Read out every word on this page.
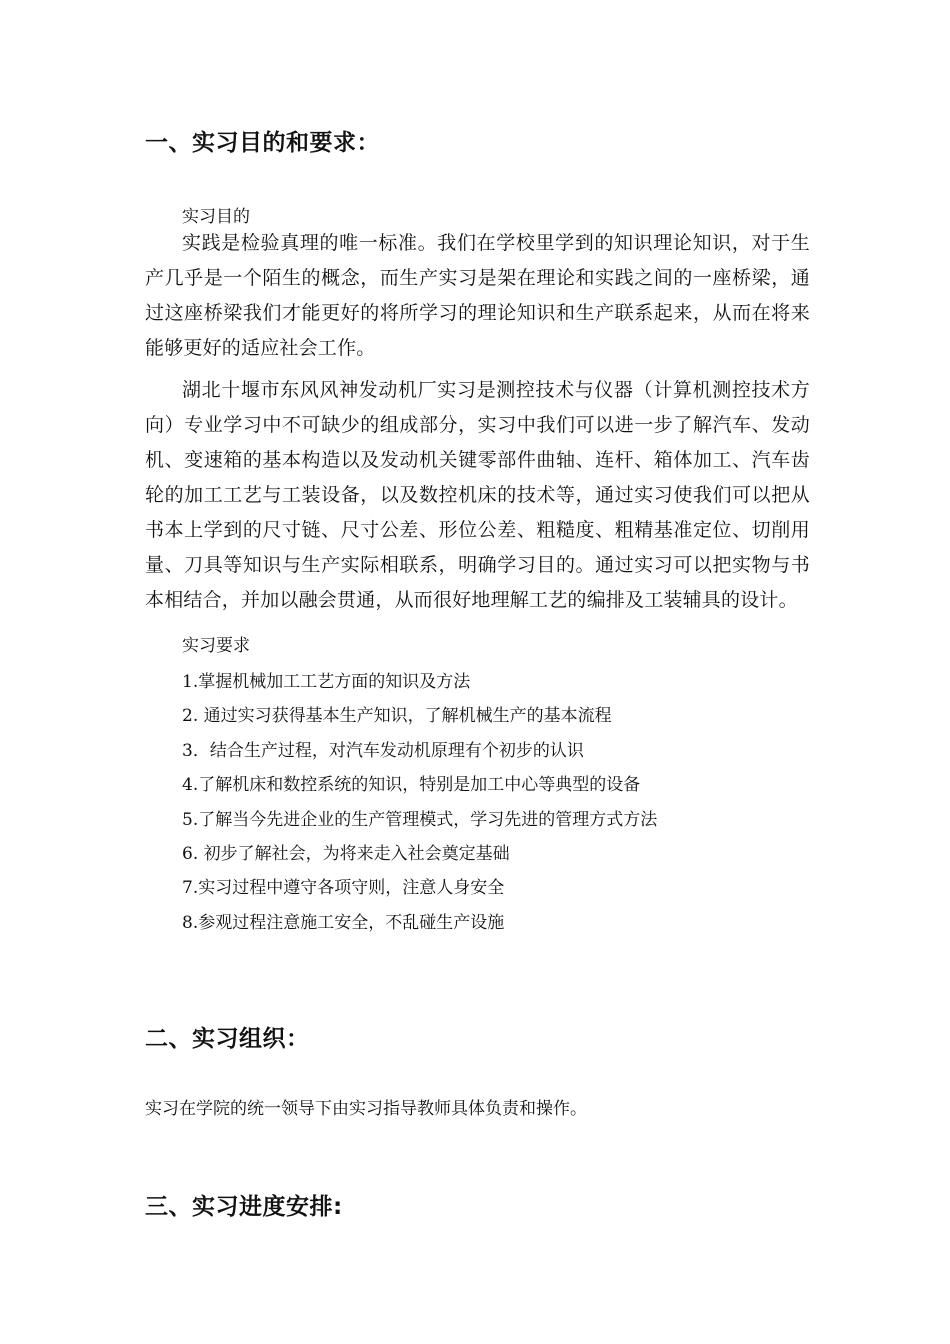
一、实习目的和要求：

实习目的

实践是检验真理的唯一标准。我们在学校里学到的知识理论知识，对于生产几乎是一个陌生的概念，而生产实习是架在理论和实践之间的一座桥梁，通过这座桥梁我们才能更好的将所学习的理论知识和生产联系起来，从而在将来能够更好的适应社会工作。

湖北十堰市东风风神发动机厂实习是测控技术与仪器（计算机测控技术方向）专业学习中不可缺少的组成部分，实习中我们可以进一步了解汽车、发动机、变速箱的基本构造以及发动机关键零部件曲轴、连杆、箱体加工、汽车齿轮的加工工艺与工装设备，以及数控机床的技术等，通过实习使我们可以把从书本上学到的尺寸链、尺寸公差、形位公差、粗糙度、粗精基准定位、切削用量、刀具等知识与生产实际相联系，明确学习目的。通过实习可以把实物与书本相结合，并加以融会贯通，从而很好地理解工艺的编排及工装辅具的设计。

实习要求

1.掌握机械加工工艺方面的知识及方法
2. 通过实习获得基本生产知识，了解机械生产的基本流程
3．结合生产过程，对汽车发动机原理有个初步的认识
4.了解机床和数控系统的知识，特别是加工中心等典型的设备
5.了解当今先进企业的生产管理模式，学习先进的管理方式方法
6. 初步了解社会，为将来走入社会奠定基础
7.实习过程中遵守各项守则，注意人身安全
8.参观过程注意施工安全，不乱碰生产设施
二、实习组织：

实习在学院的统一领导下由实习指导教师具体负责和操作。

三、实习进度安排:
